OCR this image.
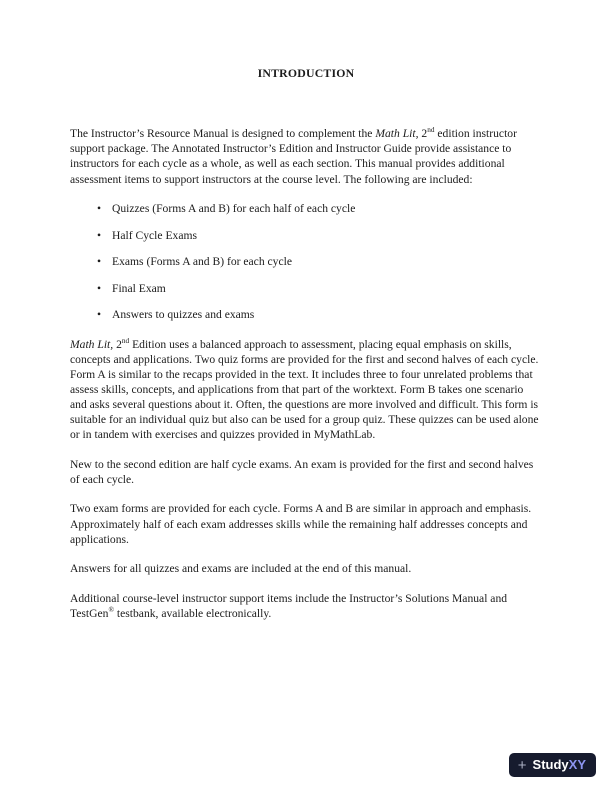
INTRODUCTION

The Instructor’s Resource Manual is designed to complement the Math Lit, 2nd edition instructor support package. The Annotated Instructor’s Edition and Instructor Guide provide assistance to instructors for each cycle as a whole, as well as each section. This manual provides additional assessment items to support instructors at the course level. The following are included:

• Quizzes (Forms A and B) for each half of each cycle
• Half Cycle Exams
• Exams (Forms A and B) for each cycle
• Final Exam
• Answers to quizzes and exams

Math Lit, 2nd Edition uses a balanced approach to assessment, placing equal emphasis on skills, concepts and applications. Two quiz forms are provided for the first and second halves of each cycle. Form A is similar to the recaps provided in the text. It includes three to four unrelated problems that assess skills, concepts, and applications from that part of the worktext. Form B takes one scenario and asks several questions about it. Often, the questions are more involved and difficult. This form is suitable for an individual quiz but also can be used for a group quiz. These quizzes can be used alone or in tandem with exercises and quizzes provided in MyMathLab.

New to the second edition are half cycle exams. An exam is provided for the first and second halves of each cycle.

Two exam forms are provided for each cycle. Forms A and B are similar in approach and emphasis. Approximately half of each exam addresses skills while the remaining half addresses concepts and applications.

Answers for all quizzes and exams are included at the end of this manual.

Additional course-level instructor support items include the Instructor’s Solutions Manual and TestGen® testbank, available electronically.

+ Study XY
